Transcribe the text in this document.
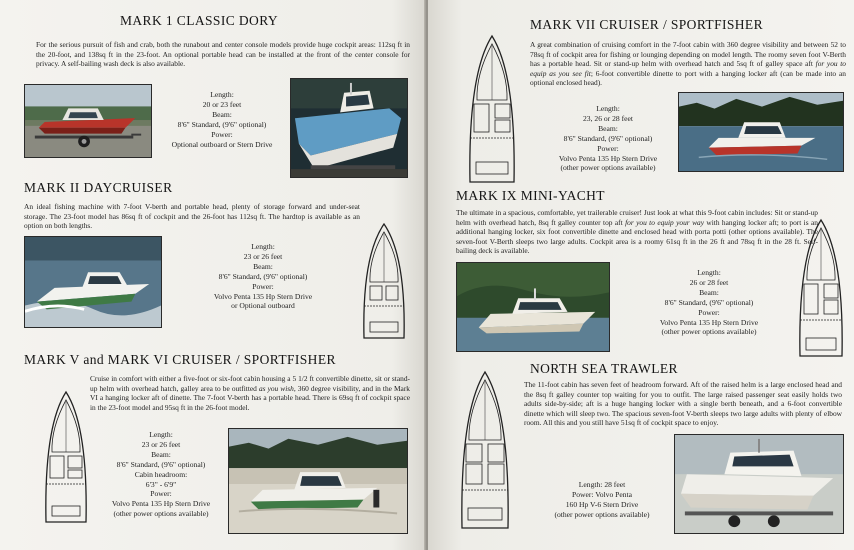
MARK 1 CLASSIC DORY
For the serious pursuit of fish and crab, both the runabout and center console models provide huge cockpit areas: 112sq ft in the 20-foot, and 138sq ft in the 23-foot. An optional portable head can be installed at the front of the center console for privacy. A self-bailing wash deck is also available.
Length:
20 or 23 feet
Beam:
8'6" Standard, (9'6" optional)
Power:
Optional outboard or Stern Drive
MARK II DAYCRUISER
An ideal fishing machine with 7-foot V-berth and portable head, plenty of storage forward and under-seat storage. The 23-foot model has 86sq ft of cockpit and the 26-foot has 112sq ft. The hardtop is available as an option on both lengths.
Length:
23 or 26 feet
Beam:
8'6" Standard, (9'6" optional)
Power:
Volvo Penta 135 Hp Stern Drive
or Optional outboard
MARK V and MARK VI CRUISER / SPORTFISHER
Cruise in comfort with either a five-foot or six-foot cabin housing a 5 1/2 ft convertible dinette, sit or stand-up helm with overhead hatch, galley area to be outfitted as you wish, 360 degree visibility, and in the Mark VI a hanging locker aft of dinette. The 7-foot V-berth has a portable head. There is 69sq ft of cockpit space in the 23-foot model and 95sq ft in the 26-foot model.
Length:
23 or 26 feet
Beam:
8'6" Standard, (9'6" optional)
Cabin headroom:
6'3" - 6'9"
Power:
Volvo Penta 135 Hp Stern Drive
(other power options available)
MARK VII CRUISER / SPORTFISHER
A great combination of cruising comfort in the 7-foot cabin with 360 degree visibility and between 52 to 78sq ft of cockpit area for fishing or lounging depending on model length. The roomy seven foot V-Berth has a portable head. Sit or stand-up helm with overhead hatch and 5sq ft of galley space aft for you to equip as you see fit; 6-foot convertible dinette to port with a hanging locker aft (can be made into an optional enclosed head).
Length:
23, 26 or 28 feet
Beam:
8'6" Standard, (9'6" optional)
Power:
Volvo Penta 135 Hp Stern Drive
(other power options available)
MARK IX MINI-YACHT
The ultimate in a spacious, comfortable, yet trailerable cruiser! Just look at what this 9-foot cabin includes: Sit or stand-up helm with overhead hatch, 8sq ft galley counter top aft for you to equip your way with hanging locker aft; to port is an additional hanging locker, six foot convertible dinette and enclosed head with porta potti (other options available). The seven-foot V-Berth sleeps two large adults. Cockpit area is a roomy 61sq ft in the 26 ft and 78sq ft in the 28 ft. Self-bailing deck is available.
Length:
26 or 28 feet
Beam:
8'6" Standard, (9'6" optional)
Power:
Volvo Penta 135 Hp Stern Drive
(other power options available)
NORTH SEA TRAWLER
The 11-foot cabin has seven feet of headroom forward. Aft of the raised helm is a large enclosed head and the 8sq ft galley counter top waiting for you to outfit. The large raised passenger seat easily holds two adults side-by-side; aft is a huge hanging locker with a single berth beneath, and a 6-foot convertible dinette which will sleep two. The spacious seven-foot V-berth sleeps two large adults with plenty of elbow room. All this and you still have 51sq ft of cockpit space to enjoy.
Length: 28 feet
Power: Volvo Penta
160 Hp V-6 Stern Drive
(other power options available)
